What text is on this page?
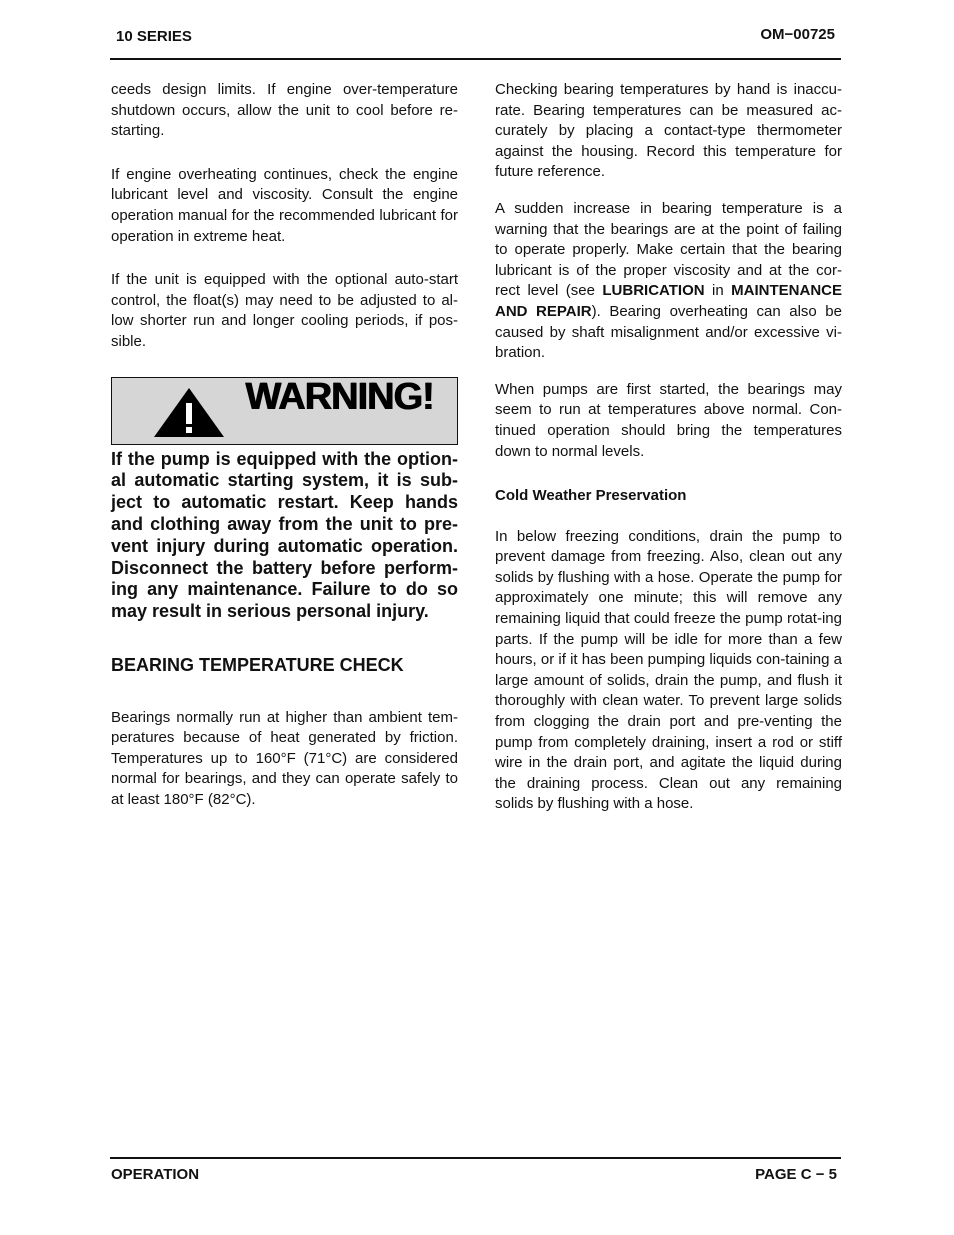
10 SERIES	OM−00725

ceeds design limits. If engine over-temperature shutdown occurs, allow the unit to cool before re-starting.

If engine overheating continues, check the engine lubricant level and viscosity. Consult the engine operation manual for the recommended lubricant for operation in extreme heat.

If the unit is equipped with the optional auto-start control, the float(s) may need to be adjusted to al-low shorter run and longer cooling periods, if pos-sible.

WARNING!

If the pump is equipped with the option-al automatic starting system, it is sub-ject to automatic restart. Keep hands and clothing away from the unit to pre-vent injury during automatic operation. Disconnect the battery before perform-ing any maintenance. Failure to do so may result in serious personal injury.

BEARING TEMPERATURE CHECK

Bearings normally run at higher than ambient tem-peratures because of heat generated by friction. Temperatures up to 160°F (71°C) are considered normal for bearings, and they can operate safely to at least 180°F (82°C).

Checking bearing temperatures by hand is inaccu-rate. Bearing temperatures can be measured ac-curately by placing a contact-type thermometer against the housing. Record this temperature for future reference.

A sudden increase in bearing temperature is a warning that the bearings are at the point of failing to operate properly. Make certain that the bearing lubricant is of the proper viscosity and at the cor-rect level (see LUBRICATION in MAINTENANCE AND REPAIR). Bearing overheating can also be caused by shaft misalignment and/or excessive vi-bration.

When pumps are first started, the bearings may seem to run at temperatures above normal. Con-tinued operation should bring the temperatures down to normal levels.

Cold Weather Preservation

In below freezing conditions, drain the pump to prevent damage from freezing. Also, clean out any solids by flushing with a hose. Operate the pump for approximately one minute; this will remove any remaining liquid that could freeze the pump rotat-ing parts. If the pump will be idle for more than a few hours, or if it has been pumping liquids con-taining a large amount of solids, drain the pump, and flush it thoroughly with clean water. To prevent large solids from clogging the drain port and pre-venting the pump from completely draining, insert a rod or stiff wire in the drain port, and agitate the liquid during the draining process. Clean out any remaining solids by flushing with a hose.

OPERATION	PAGE C − 5
